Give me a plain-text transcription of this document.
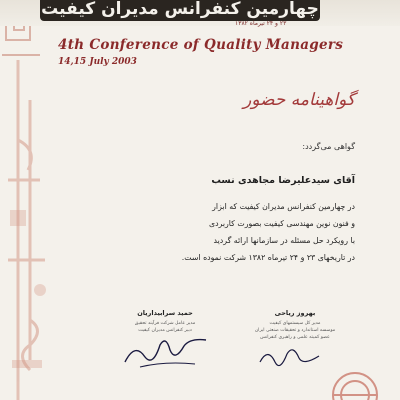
چهارمین کنفرانس مدیران کیفیت
۲۳ و ۲۴ تیرماه ۱۳۸۲
4th Conference of Quality Managers
14,15 July 2003
گواهینامه حضور
گواهی می‌گردد:
آقای سیدعلیرضا مجاهدی نسب
در چهارمین کنفرانس مدیران کیفیت که ابزار
و فنون نوین مهندسی کیفیت بصورت کاربردی
با رویکرد حل مسئله در سازمانها ارائه گردید
در تاریخهای ۲۳ و ۲۴ تیرماه ۱۳۸۲ شرکت نموده است.
حمید سرابیداریان
مدیر عامل شرکت فرآیند تحقیق
دبیر کنفرانس مدیران کیفیت
بهروز ریاحی
مدیر کل سیستمهای کیفیت
موسسه استاندارد و تحقیقات صنعتی ایران
عضو کمیته علمی و راهبری کنفرانس
